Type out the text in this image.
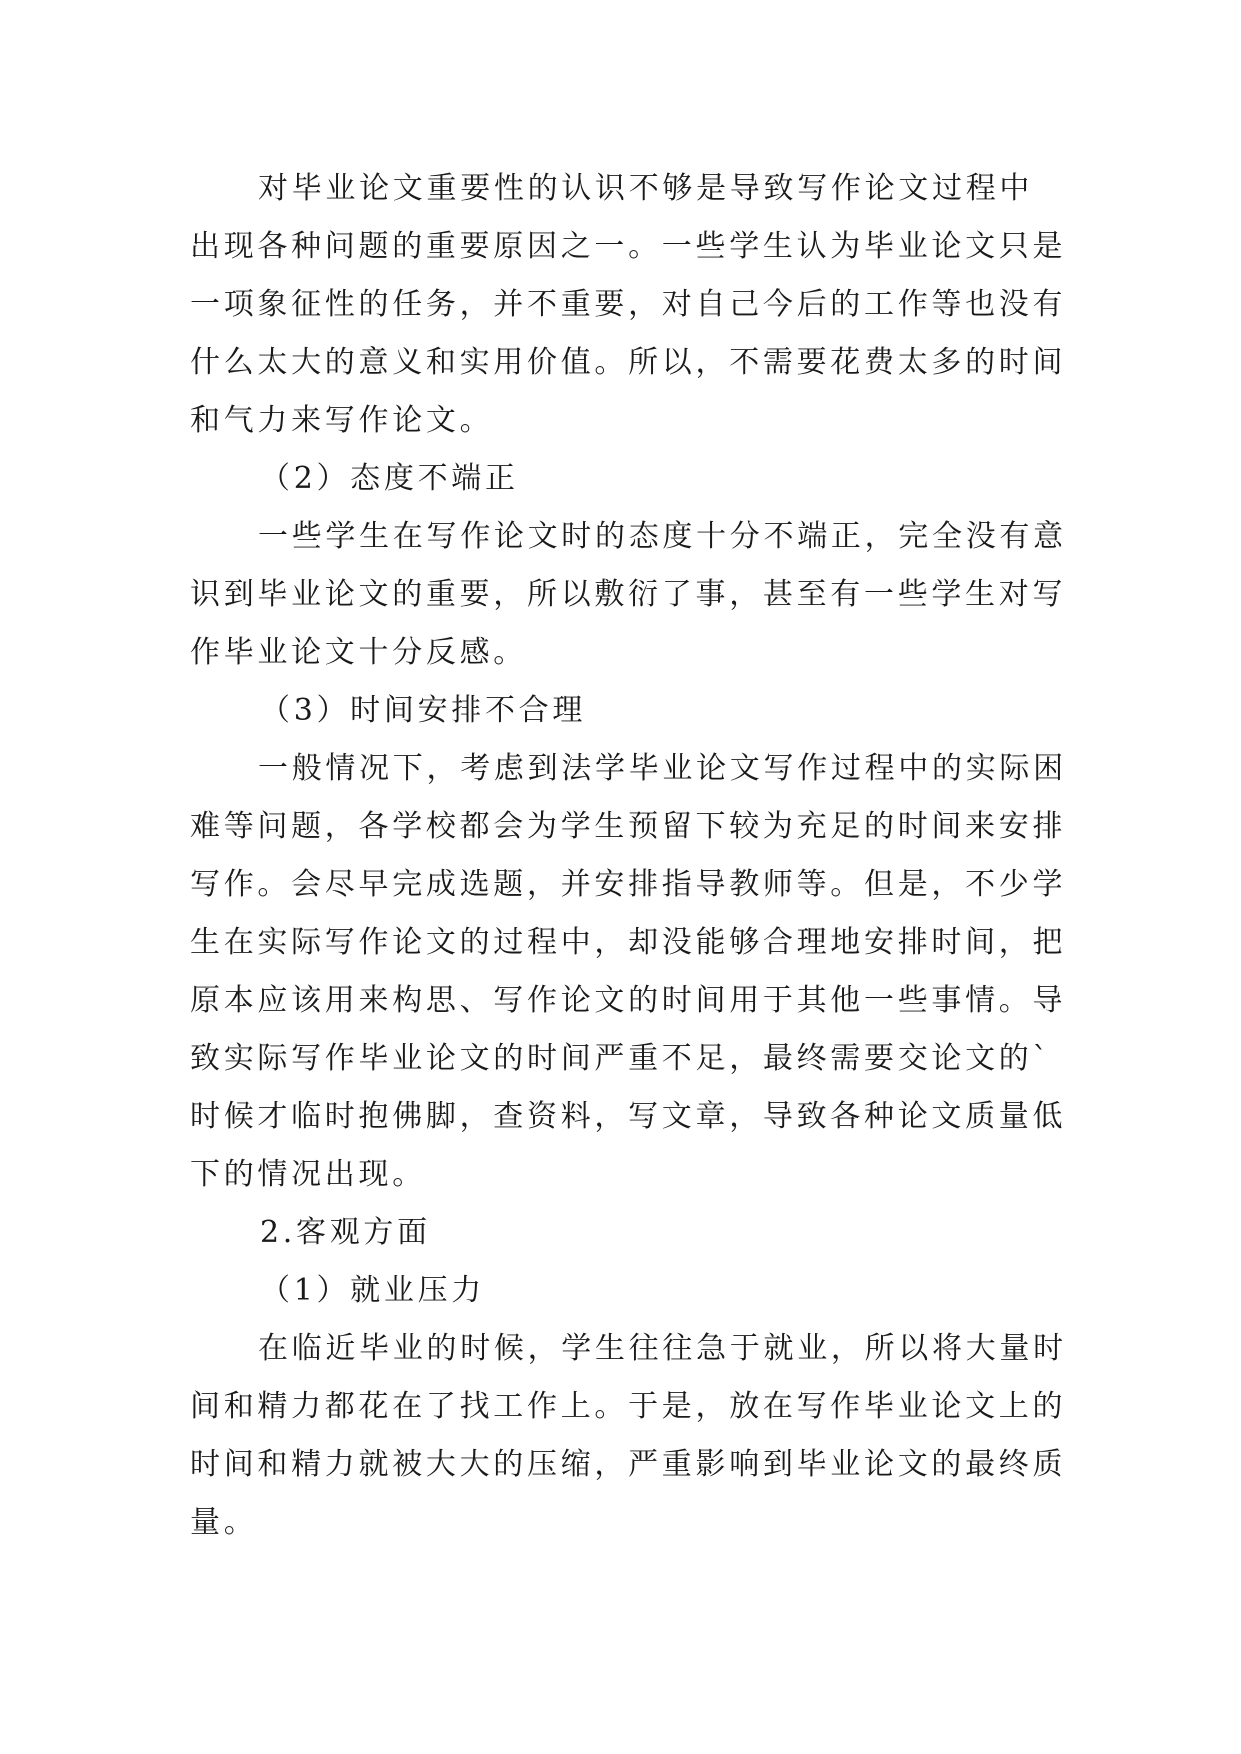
对毕业论文重要性的认识不够是导致写作论文过程中
出现各种问题的重要原因之一。一些学生认为毕业论文只是
一项象征性的任务，并不重要，对自己今后的工作等也没有
什么太大的意义和实用价值。所以，不需要花费太多的时间
和气力来写作论文。
（2）态度不端正
一些学生在写作论文时的态度十分不端正，完全没有意
识到毕业论文的重要，所以敷衍了事，甚至有一些学生对写
作毕业论文十分反感。
（3）时间安排不合理
一般情况下，考虑到法学毕业论文写作过程中的实际困
难等问题，各学校都会为学生预留下较为充足的时间来安排
写作。会尽早完成选题，并安排指导教师等。但是，不少学
生在实际写作论文的过程中，却没能够合理地安排时间，把
原本应该用来构思、写作论文的时间用于其他一些事情。导
致实际写作毕业论文的时间严重不足，最终需要交论文的`
时候才临时抱佛脚，查资料，写文章，导致各种论文质量低
下的情况出现。
2.客观方面
（1）就业压力
在临近毕业的时候，学生往往急于就业，所以将大量时
间和精力都花在了找工作上。于是，放在写作毕业论文上的
时间和精力就被大大的压缩，严重影响到毕业论文的最终质
量。
